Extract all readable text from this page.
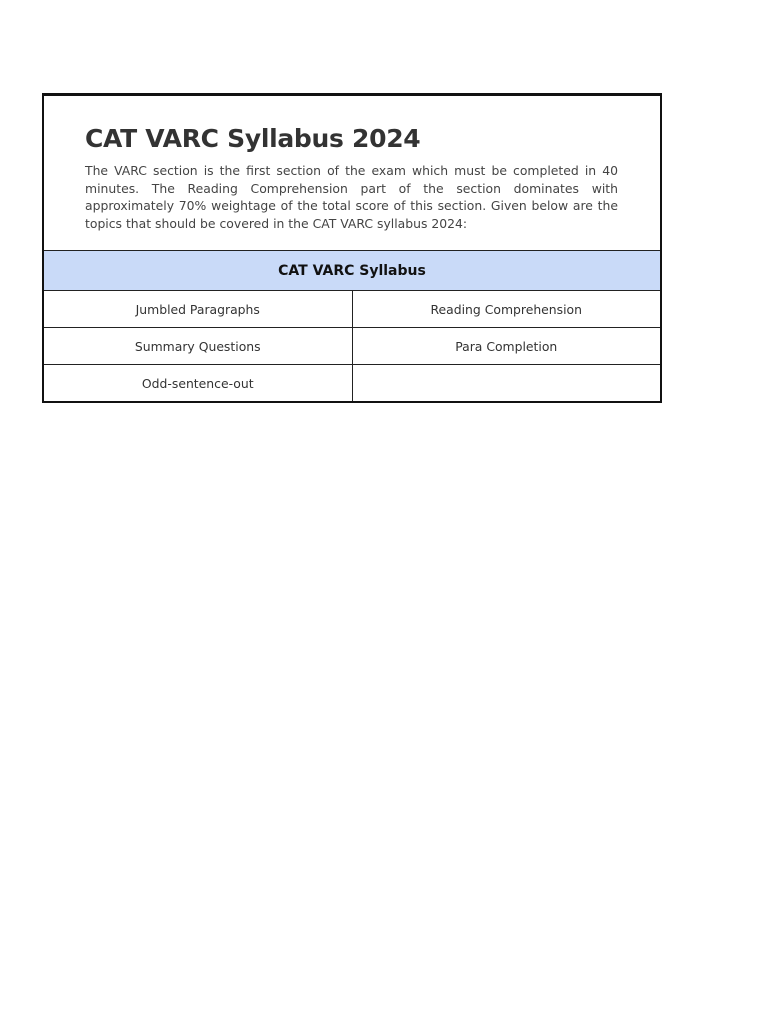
CAT VARC Syllabus 2024

The VARC section is the first section of the exam which must be completed in 40 minutes. The Reading Comprehension part of the section dominates with approximately 70% weightage of the total score of this section. Given below are the topics that should be covered in the CAT VARC syllabus 2024:

CAT VARC Syllabus	
Jumbled Paragraphs	Reading Comprehension
Summary Questions	Para Completion
Odd-sentence-out	
